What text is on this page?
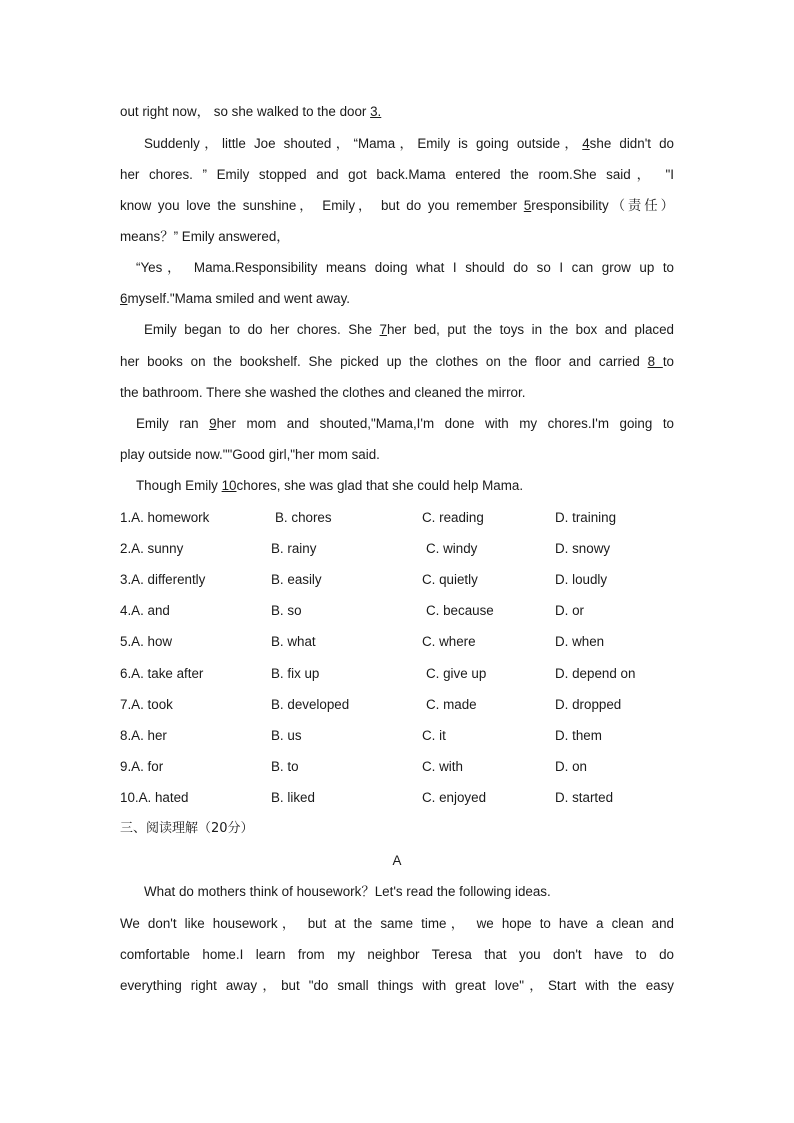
out right now， so she walked to the door 3.
Suddenly，little Joe shouted，“Mama，Emily is going outside，4she didn't do
her chores. ” Emily stopped and got back.Mama entered the room.She said， "I
know you love the sunshine， Emily， but do you remember 5responsibility（责任）
means？” Emily answered，
“Yes， Mama.Responsibility means doing what I should do so I can grow up to
6myself."Mama smiled and went away.
Emily began to do her chores. She 7her bed, put the toys in the box and placed
her books on the bookshelf. She picked up the clothes on the floor and carried 8 to
the bathroom. There she washed the clothes and cleaned the mirror.
Emily ran 9her mom and shouted,"Mama,I'm done with my chores.I'm going to
play outside now.""Good girl,"her mom said.
Though Emily 10chores, she was glad that she could help Mama.
1.A. homework	B. chores	C. reading	D. training
2.A. sunny	B. rainy	C. windy	D. snowy
3.A. differently	B. easily	C. quietly	D. loudly
4.A. and	B. so	C. because	D. or
5.A. how	B. what	C. where	D. when
6.A. take after	B. fix up	C. give up	D. depend on
7.A. took	B. developed	C. made	D. dropped
8.A. her	B. us	C. it	D. them
9.A. for	B. to	C. with	D. on
10.A. hated	B. liked	C. enjoyed	D. started
三、阅读理解（20分）
A
What do mothers think of housework？Let's read the following ideas.
We don't like housework， but at the same time， we hope to have a clean and
comfortable home.I learn from my neighbor Teresa that you don't have to do
everything right away，but "do small things with great love"，Start with the easy
